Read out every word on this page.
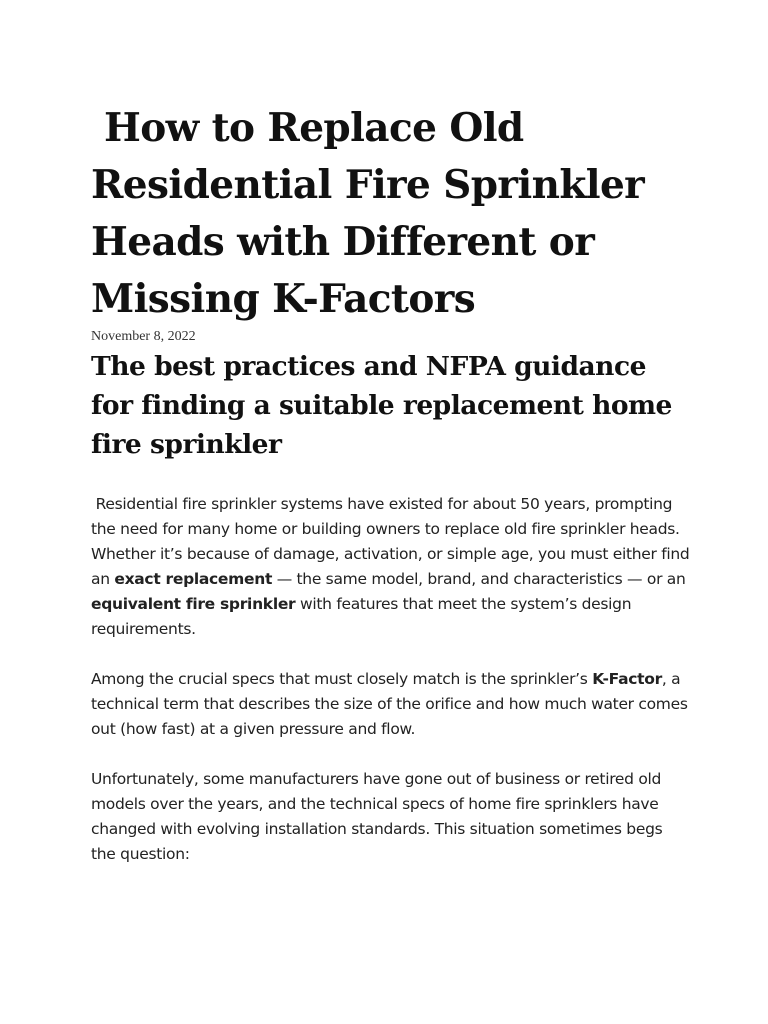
How to Replace Old Residential Fire Sprinkler Heads with Different or Missing K-Factors
November 8, 2022
The best practices and NFPA guidance for finding a suitable replacement home fire sprinkler

Residential fire sprinkler systems have existed for about 50 years, prompting the need for many home or building owners to replace old fire sprinkler heads. Whether it’s because of damage, activation, or simple age, you must either find an exact replacement — the same model, brand, and characteristics — or an equivalent fire sprinkler with features that meet the system’s design requirements.

Among the crucial specs that must closely match is the sprinkler’s K-Factor, a technical term that describes the size of the orifice and how much water comes out (how fast) at a given pressure and flow.

Unfortunately, some manufacturers have gone out of business or retired old models over the years, and the technical specs of home fire sprinklers have changed with evolving installation standards. This situation sometimes begs the question:
